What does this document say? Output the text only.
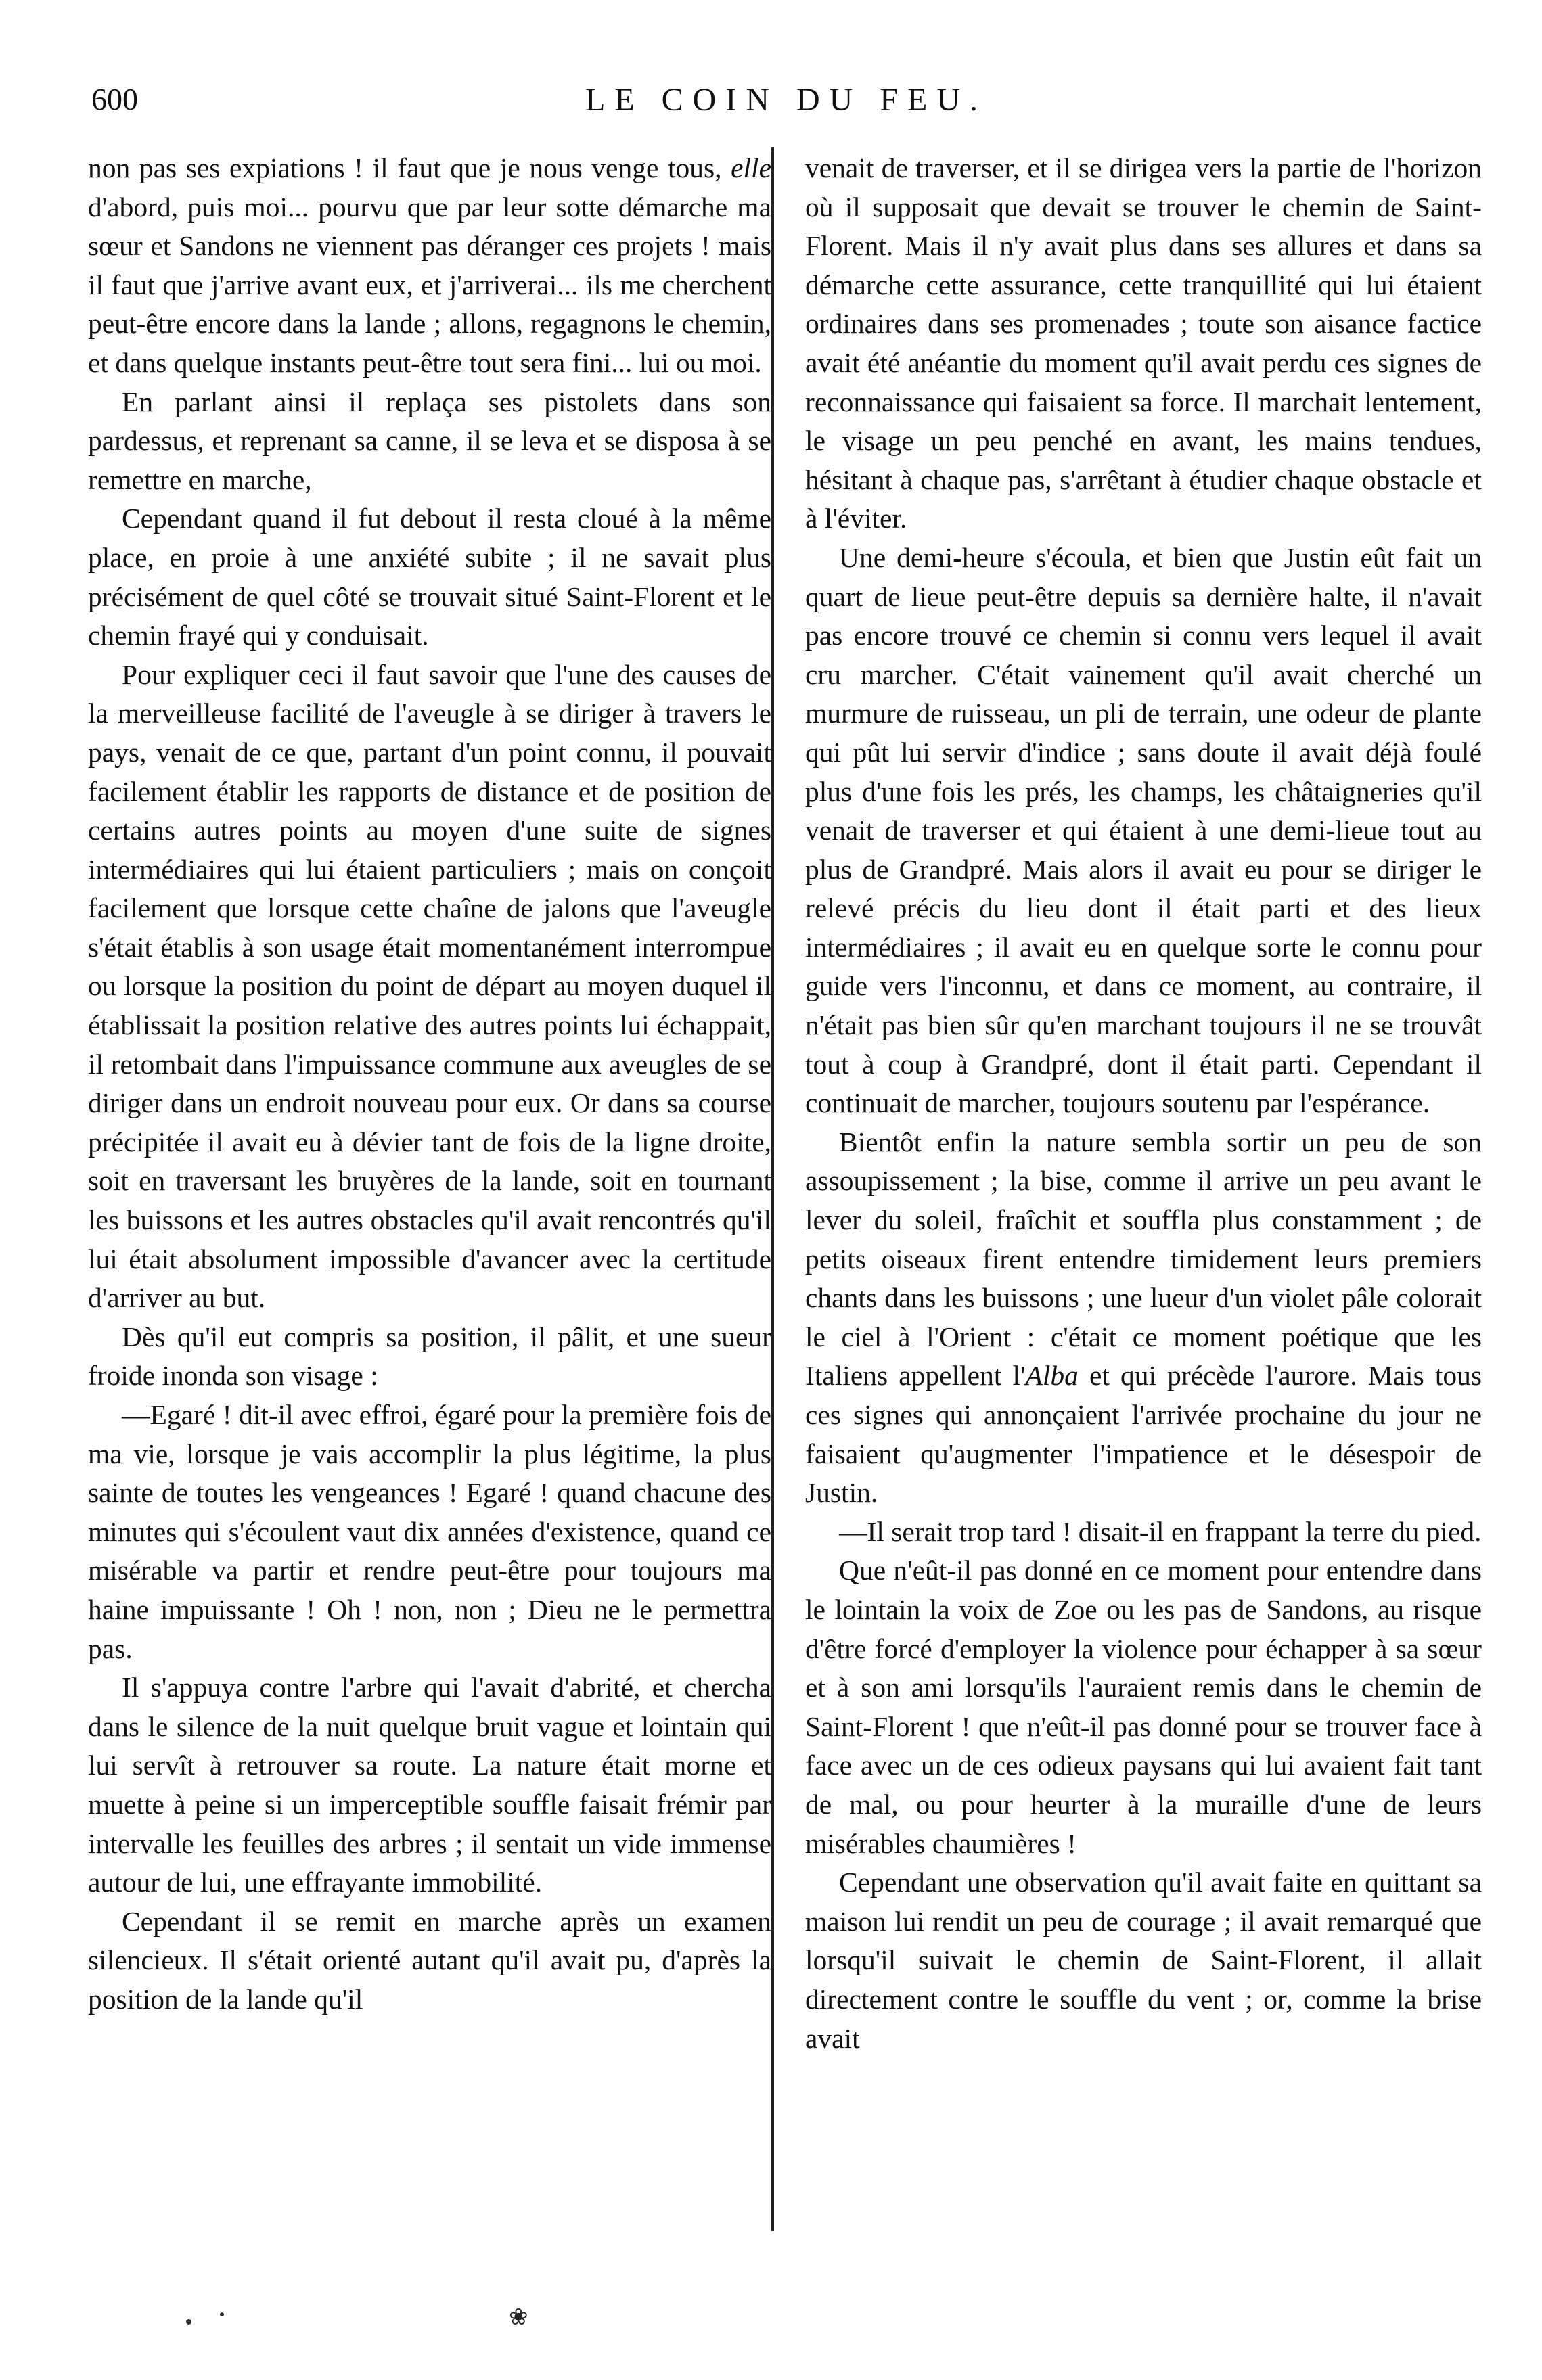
600	LE COIN DU FEU.

non pas ses expiations ! il faut que je nous venge tous, elle d'abord, puis moi... pourvu que par leur sotte démarche ma sœur et Sandons ne viennent pas déranger ces projets ! mais il faut que j'arrive avant eux, et j'arriverai... ils me cherchent peut-être encore dans la lande ; allons, regagnons le chemin, et dans quelque instants peut-être tout sera fini... lui ou moi.

En parlant ainsi il replaça ses pistolets dans son pardessus, et reprenant sa canne, il se leva et se disposa à se remettre en marche,

Cependant quand il fut debout il resta cloué à la même place, en proie à une anxiété subite ; il ne savait plus précisément de quel côté se trouvait situé Saint-Florent et le chemin frayé qui y conduisait.

Pour expliquer ceci il faut savoir que l'une des causes de la merveilleuse facilité de l'aveugle à se diriger à travers le pays, venait de ce que, partant d'un point connu, il pouvait facilement établir les rapports de distance et de position de certains autres points au moyen d'une suite de signes intermédiaires qui lui étaient particuliers ; mais on conçoit facilement que lorsque cette chaîne de jalons que l'aveugle s'était établis à son usage était momentanément interrompue ou lorsque la position du point de départ au moyen duquel il établissait la position relative des autres points lui échappait, il retombait dans l'impuissance commune aux aveugles de se diriger dans un endroit nouveau pour eux. Or dans sa course précipitée il avait eu à dévier tant de fois de la ligne droite, soit en traversant les bruyères de la lande, soit en tournant les buissons et les autres obstacles qu'il avait rencontrés qu'il lui était absolument impossible d'avancer avec la certitude d'arriver au but.

Dès qu'il eut compris sa position, il pâlit, et une sueur froide inonda son visage :

—Egaré ! dit-il avec effroi, égaré pour la première fois de ma vie, lorsque je vais accomplir la plus légitime, la plus sainte de toutes les vengeances ! Egaré ! quand chacune des minutes qui s'écoulent vaut dix années d'existence, quand ce misérable va partir et rendre peut-être pour toujours ma haine impuissante ! Oh ! non, non ; Dieu ne le permettra pas.

Il s'appuya contre l'arbre qui l'avait d'abrité, et chercha dans le silence de la nuit quelque bruit vague et lointain qui lui servît à retrouver sa route. La nature était morne et muette à peine si un imperceptible souffle faisait frémir par intervalle les feuilles des arbres ; il sentait un vide immense autour de lui, une effrayante immobilité.

Cependant il se remit en marche après un examen silencieux. Il s'était orienté autant qu'il avait pu, d'après la position de la lande qu'il

venait de traverser, et il se dirigea vers la partie de l'horizon où il supposait que devait se trouver le chemin de Saint-Florent. Mais il n'y avait plus dans ses allures et dans sa démarche cette assurance, cette tranquillité qui lui étaient ordinaires dans ses promenades ; toute son aisance factice avait été anéantie du moment qu'il avait perdu ces signes de reconnaissance qui faisaient sa force. Il marchait lentement, le visage un peu penché en avant, les mains tendues, hésitant à chaque pas, s'arrêtant à étudier chaque obstacle et à l'éviter.

Une demi-heure s'écoula, et bien que Justin eût fait un quart de lieue peut-être depuis sa dernière halte, il n'avait pas encore trouvé ce chemin si connu vers lequel il avait cru marcher. C'était vainement qu'il avait cherché un murmure de ruisseau, un pli de terrain, une odeur de plante qui pût lui servir d'indice ; sans doute il avait déjà foulé plus d'une fois les prés, les champs, les châtaigneries qu'il venait de traverser et qui étaient à une demi-lieue tout au plus de Grandpré. Mais alors il avait eu pour se diriger le relevé précis du lieu dont il était parti et des lieux intermédiaires ; il avait eu en quelque sorte le connu pour guide vers l'inconnu, et dans ce moment, au contraire, il n'était pas bien sûr qu'en marchant toujours il ne se trouvât tout à coup à Grandpré, dont il était parti. Cependant il continuait de marcher, toujours soutenu par l'espérance.

Bientôt enfin la nature sembla sortir un peu de son assoupissement ; la bise, comme il arrive un peu avant le lever du soleil, fraîchit et souffla plus constamment ; de petits oiseaux firent entendre timidement leurs premiers chants dans les buissons ; une lueur d'un violet pâle colorait le ciel à l'Orient : c'était ce moment poétique que les Italiens appellent l'Alba et qui précède l'aurore. Mais tous ces signes qui annonçaient l'arrivée prochaine du jour ne faisaient qu'augmenter l'impatience et le désespoir de Justin.

—Il serait trop tard ! disait-il en frappant la terre du pied.

Que n'eût-il pas donné en ce moment pour entendre dans le lointain la voix de Zoe ou les pas de Sandons, au risque d'être forcé d'employer la violence pour échapper à sa sœur et à son ami lorsqu'ils l'auraient remis dans le chemin de Saint-Florent ! que n'eût-il pas donné pour se trouver face à face avec un de ces odieux paysans qui lui avaient fait tant de mal, ou pour heurter à la muraille d'une de leurs misérables chaumières !

Cependant une observation qu'il avait faite en quittant sa maison lui rendit un peu de courage ; il avait remarqué que lorsqu'il suivait le chemin de Saint-Florent, il allait directement contre le souffle du vent ; or, comme la brise avait

❀
